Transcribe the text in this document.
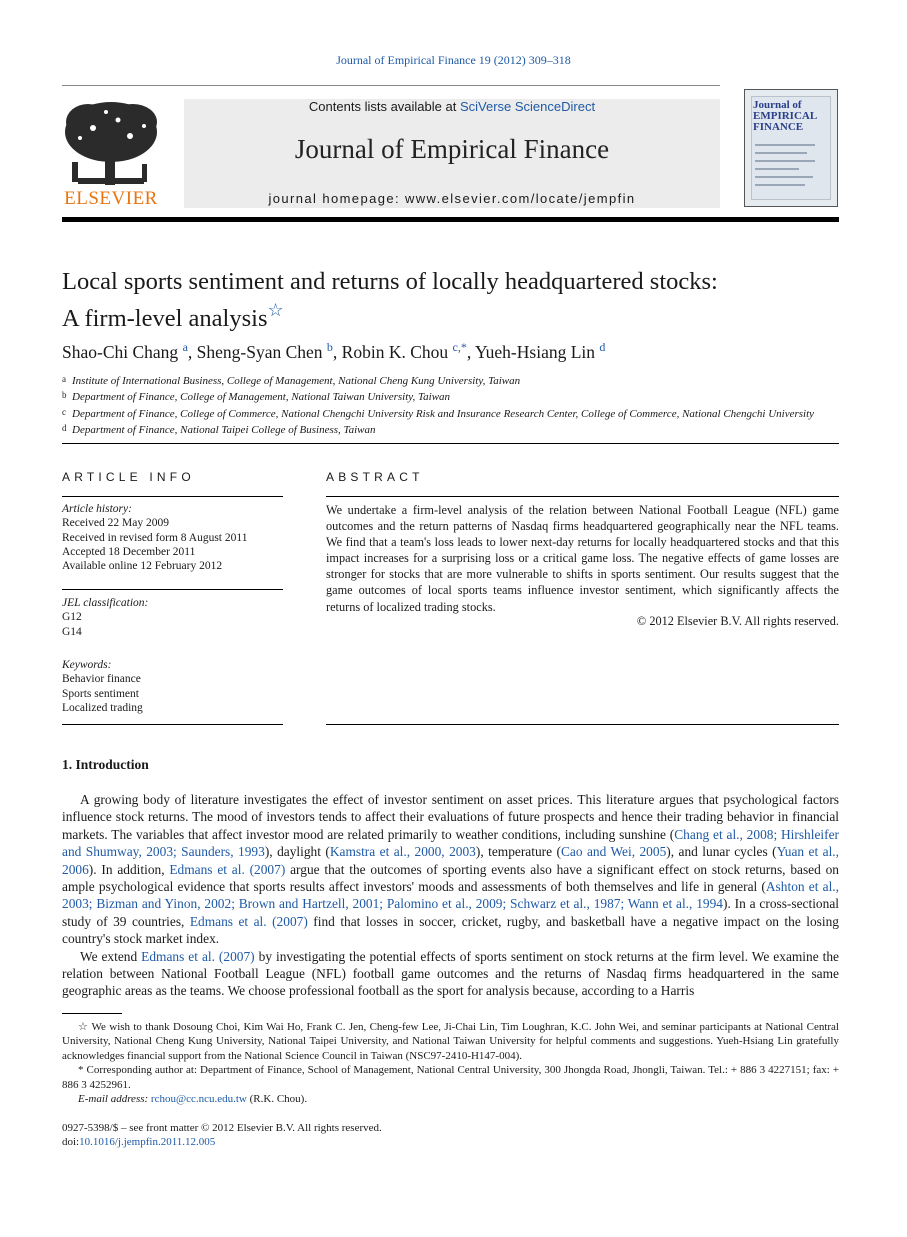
Journal of Empirical Finance 19 (2012) 309–318
ELSEVIER
Contents lists available at SciVerse ScienceDirect
Journal of Empirical Finance
journal homepage: www.elsevier.com/locate/jempfin
Journal of EMPIRICAL FINANCE
Local sports sentiment and returns of locally headquartered stocks:
A firm-level analysis☆
Shao-Chi Chang $^a$, Sheng-Syan Chen $^b$, Robin K. Chou $^{c,*}$, Yueh-Hsiang Lin $^d$
a Institute of International Business, College of Management, National Cheng Kung University, Taiwan
b Department of Finance, College of Management, National Taiwan University, Taiwan
c Department of Finance, College of Commerce, National Chengchi University Risk and Insurance Research Center, College of Commerce, National Chengchi University
d Department of Finance, National Taipei College of Business, Taiwan
ARTICLE INFO
Article history:
Received 22 May 2009
Received in revised form 8 August 2011
Accepted 18 December 2011
Available online 12 February 2012
JEL classification:
G12
G14
Keywords:
Behavior finance
Sports sentiment
Localized trading
ABSTRACT
We undertake a firm-level analysis of the relation between National Football League (NFL) game outcomes and the return patterns of Nasdaq firms headquartered geographically near the NFL teams. We find that a team's loss leads to lower next-day returns for locally headquartered stocks and that this impact increases for a surprising loss or a critical game loss. The negative effects of game losses are stronger for stocks that are more vulnerable to shifts in sports sentiment. Our results suggest that the game outcomes of local sports teams influence investor sentiment, which significantly affects the returns of localized trading stocks.
© 2012 Elsevier B.V. All rights reserved.
1. Introduction

A growing body of literature investigates the effect of investor sentiment on asset prices. This literature argues that psychological factors influence stock returns. The mood of investors tends to affect their evaluations of future prospects and hence their trading behavior in financial markets. The variables that affect investor mood are related primarily to weather conditions, including sunshine (Chang et al., 2008; Hirshleifer and Shumway, 2003; Saunders, 1993), daylight (Kamstra et al., 2000, 2003), temperature (Cao and Wei, 2005), and lunar cycles (Yuan et al., 2006). In addition, Edmans et al. (2007) argue that the outcomes of sporting events also have a significant effect on stock returns, based on ample psychological evidence that sports results affect investors' moods and assessments of both themselves and life in general (Ashton et al., 2003; Bizman and Yinon, 2002; Brown and Hartzell, 2001; Palomino et al., 2009; Schwarz et al., 1987; Wann et al., 1994). In a cross-sectional study of 39 countries, Edmans et al. (2007) find that losses in soccer, cricket, rugby, and basketball have a negative impact on the losing country's stock market index.

We extend Edmans et al. (2007) by investigating the potential effects of sports sentiment on stock returns at the firm level. We examine the relation between National Football League (NFL) football game outcomes and the returns of Nasdaq firms headquartered in the same geographic areas as the teams. We choose professional football as the sport for analysis because, according to a Harris

☆ We wish to thank Dosoung Choi, Kim Wai Ho, Frank C. Jen, Cheng-few Lee, Ji-Chai Lin, Tim Loughran, K.C. John Wei, and seminar participants at National Central University, National Cheng Kung University, National Taipei University, and National Taiwan University for helpful comments and suggestions. Yueh-Hsiang Lin gratefully acknowledges financial support from the National Science Council in Taiwan (NSC97-2410-H147-004).

* Corresponding author at: Department of Finance, School of Management, National Central University, 300 Jhongda Road, Jhongli, Taiwan. Tel.: + 886 3 4227151; fax: + 886 3 4252961.

E-mail address: rchou@cc.ncu.edu.tw (R.K. Chou).

0927-5398/$ – see front matter © 2012 Elsevier B.V. All rights reserved.
doi:10.1016/j.jempfin.2011.12.005
